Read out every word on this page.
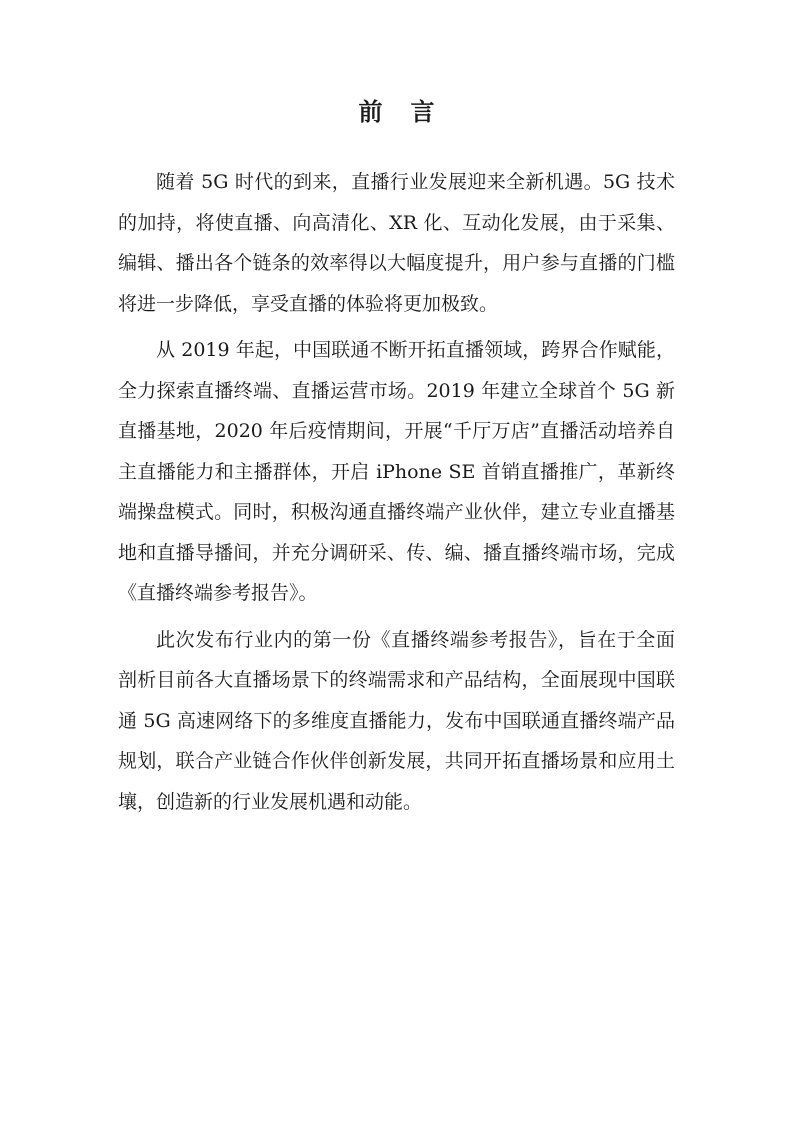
前 言

随着 5G 时代的到来，直播行业发展迎来全新机遇。5G 技术的加持，将使直播、向高清化、XR 化、互动化发展，由于采集、编辑、播出各个链条的效率得以大幅度提升，用户参与直播的门槛将进一步降低，享受直播的体验将更加极致。

从 2019 年起，中国联通不断开拓直播领域，跨界合作赋能，全力探索直播终端、直播运营市场。2019 年建立全球首个 5G 新直播基地，2020 年后疫情期间，开展“千厅万店”直播活动培养自主直播能力和主播群体，开启 iPhone SE 首销直播推广，革新终端操盘模式。同时，积极沟通直播终端产业伙伴，建立专业直播基地和直播导播间，并充分调研采、传、编、播直播终端市场，完成《直播终端参考报告》。

此次发布行业内的第一份《直播终端参考报告》，旨在于全面剖析目前各大直播场景下的终端需求和产品结构，全面展现中国联通 5G 高速网络下的多维度直播能力，发布中国联通直播终端产品规划，联合产业链合作伙伴创新发展，共同开拓直播场景和应用土壤，创造新的行业发展机遇和动能。
